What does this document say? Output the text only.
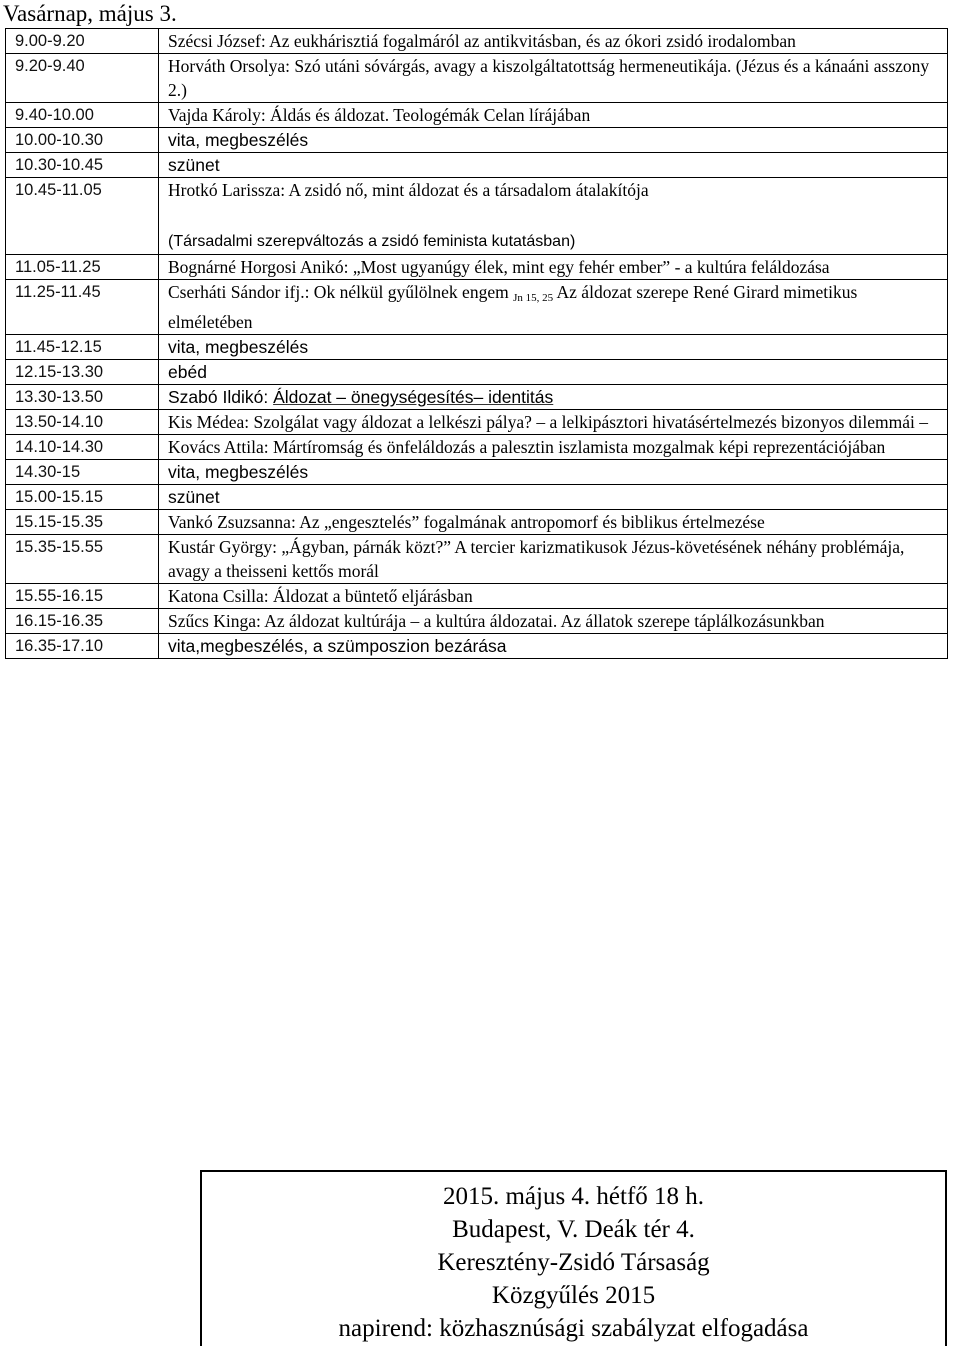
Vasárnap, május 3.
9.00-9.20	Szécsi József: Az eukhárisztiá fogalmáról az antikvitásban, és az ókori zsidó irodalomban
9.20-9.40	Horváth Orsolya: Szó utáni sóvárgás, avagy a kiszolgáltatottság hermeneutikája. (Jézus és a kánaáni asszony 2.)
9.40-10.00	Vajda Károly: Áldás és áldozat. Teologémák Celan lírájában
10.00-10.30	vita, megbeszélés
10.30-10.45	szünet
10.45-11.05	Hrotkó Larissza: A zsidó nő, mint áldozat és a társadalom átalakítója
(Társadalmi szerepváltozás a zsidó feminista kutatásban)

11.05-11.25	Bognárné Horgosi Anikó: „Most ugyanúgy élek, mint egy fehér ember” - a kultúra feláldozása
11.25-11.45	Cserháti Sándor ifj.: Ok nélkül gyűlölnek engem $_{Jn 15, 25}$ Az áldozat szerepe René Girard mimetikus elméletében
11.45-12.15	vita, megbeszélés
12.15-13.30	ebéd
13.30-13.50	Szabó Ildikó: Áldozat – önegységesítés– identitás
13.50-14.10	Kis Médea: Szolgálat vagy áldozat a lelkészi pálya? – a lelkipásztori hivatásértelmezés bizonyos dilemmái –
14.10-14.30	Kovács Attila: Mártíromság és önfeláldozás a palesztin iszlamista mozgalmak képi reprezentációjában
14.30-15	vita, megbeszélés
15.00-15.15	szünet
15.15-15.35	Vankó Zsuzsanna: Az „engesztelés” fogalmának antropomorf és biblikus értelmezése
15.35-15.55	Kustár György: „Ágyban, párnák közt?” A tercier karizmatikusok Jézus-követésének néhány problémája, avagy a theisseni kettős morál
15.55-16.15	Katona Csilla: Áldozat a büntető eljárásban
16.15-16.35	Szűcs Kinga: Az áldozat kultúrája – a kultúra áldozatai. Az állatok szerepe táplálkozásunkban
16.35-17.10	vita,megbeszélés, a szümposzion bezárása
2015. május 4. hétfő 18 h.
Budapest, V. Deák tér 4.
Keresztény-Zsidó Társaság
Közgyűlés 2015
napirend: közhasznúsági szabályzat elfogadása
